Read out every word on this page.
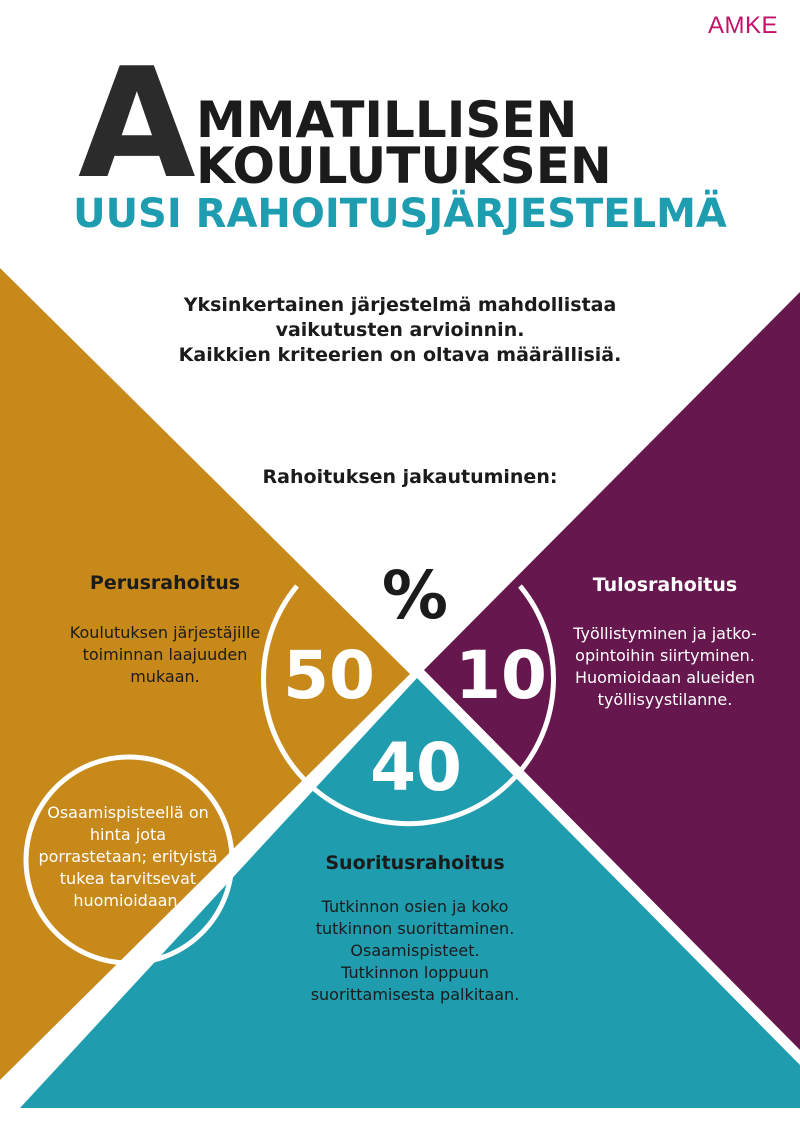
AMKE
A MMATILLISEN
KOULUTUKSEN
UUSI RAHOITUSJÄRJESTELMÄ
Yksinkertainen järjestelmä mahdollistaa
vaikutusten arvioinnin.
Kaikkien kriteerien on oltava määrällisiä.
Rahoituksen jakautuminen:
%
50	10
40
Perusrahoitus
Koulutuksen järjestäjille
toiminnan laajuuden
mukaan.
Tulosrahoitus
Työllistyminen ja jatko-
opintoihin siirtyminen.
Huomioidaan alueiden
työllisyystilanne.
Suoritusrahoitus
Tutkinnon osien ja koko
tutkinnon suorittaminen.
Osaamispisteet.
Tutkinnon loppuun
suorittamisesta palkitaan.
Osaamispisteellä on
hinta jota
porrastetaan; erityistä
tukea tarvitsevat
huomioidaan.
